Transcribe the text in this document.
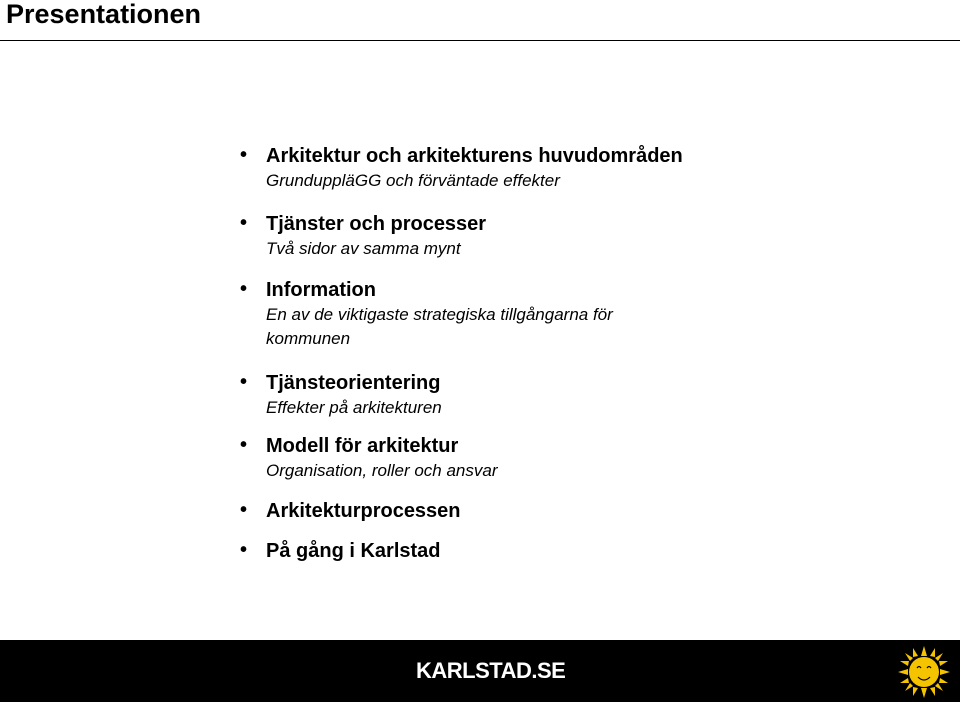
Presentationen
• Arkitektur och arkitekturens huvudområden
GrunduppläGG och förväntade effekter
• Tjänster och processer
Två sidor av samma mynt
• Information
En av de viktigaste strategiska tillgångarna för kommunen
• Tjänsteorientering
Effekter på arkitekturen
• Modell för arkitektur
Organisation, roller och ansvar
• Arkitekturprocessen
• På gång i Karlstad
KARLSTAD.SE
